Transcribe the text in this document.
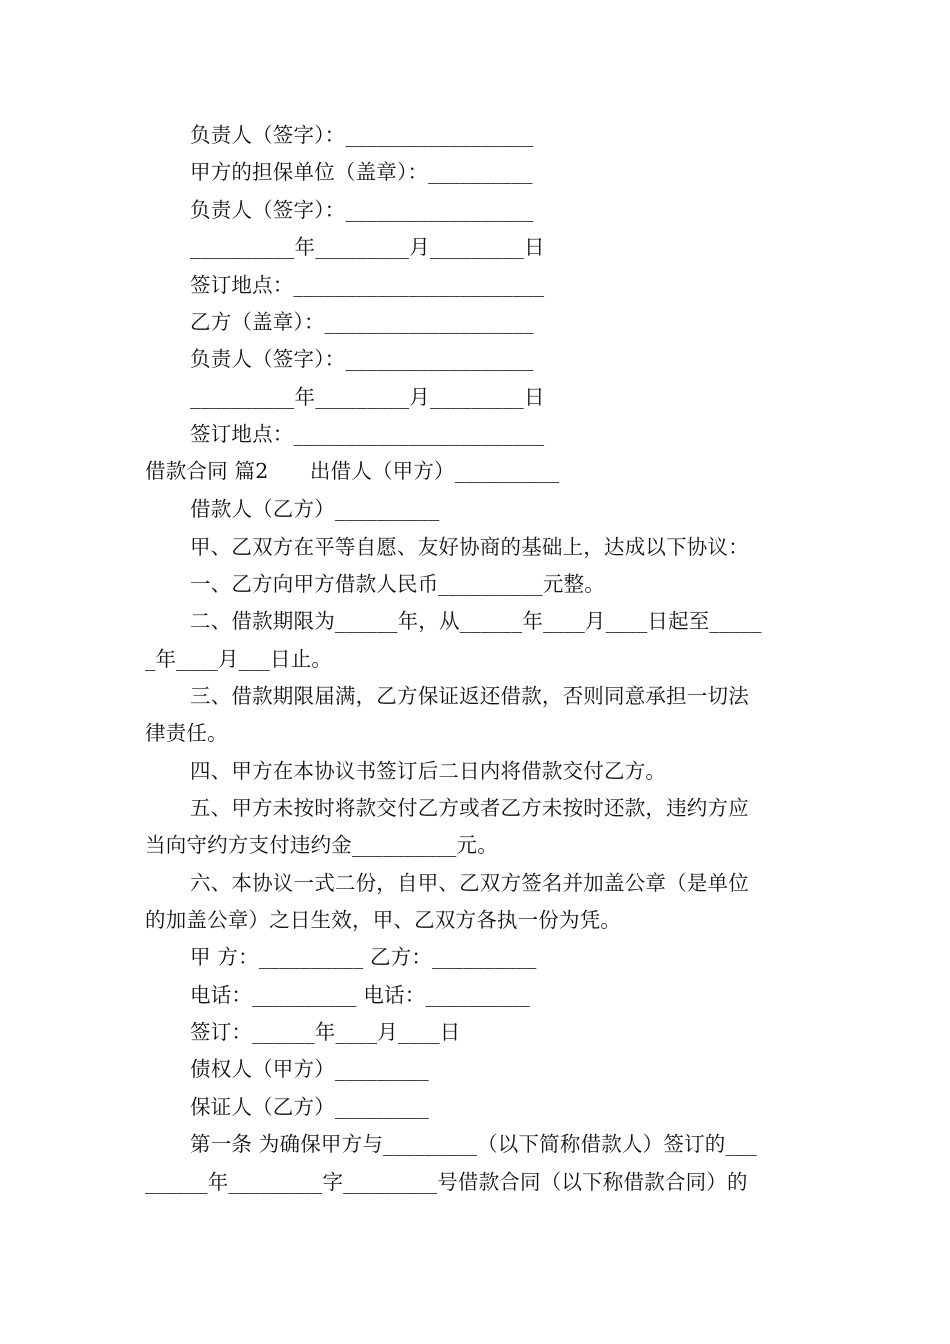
负责人（签字）：__________________
甲方的担保单位（盖章）：__________
负责人（签字）：__________________
__________年_________月_________日
签订地点：________________________
乙方（盖章）：____________________
负责人（签字）：__________________
__________年_________月_________日
签订地点：________________________
借款合同 篇2　　出借人（甲方）__________
借款人（乙方）__________
甲、乙双方在平等自愿、友好协商的基础上，达成以下协议：
一、乙方向甲方借款人民币__________元整。
二、借款期限为______年，从______年____月____日起至_____
_年____月___日止。
三、借款期限届满，乙方保证返还借款，否则同意承担一切法
律责任。
四、甲方在本协议书签订后二日内将借款交付乙方。
五、甲方未按时将款交付乙方或者乙方未按时还款，违约方应
当向守约方支付违约金__________元。
六、本协议一式二份，自甲、乙双方签名并加盖公章（是单位
的加盖公章）之日生效，甲、乙双方各执一份为凭。
甲 方：__________ 乙方：__________
电话：__________ 电话：__________
签订：______年____月____日
债权人（甲方）_________
保证人（乙方）_________
第一条 为确保甲方与_________（以下简称借款人）签订的___
______年_________字_________号借款合同（以下称借款合同）的
